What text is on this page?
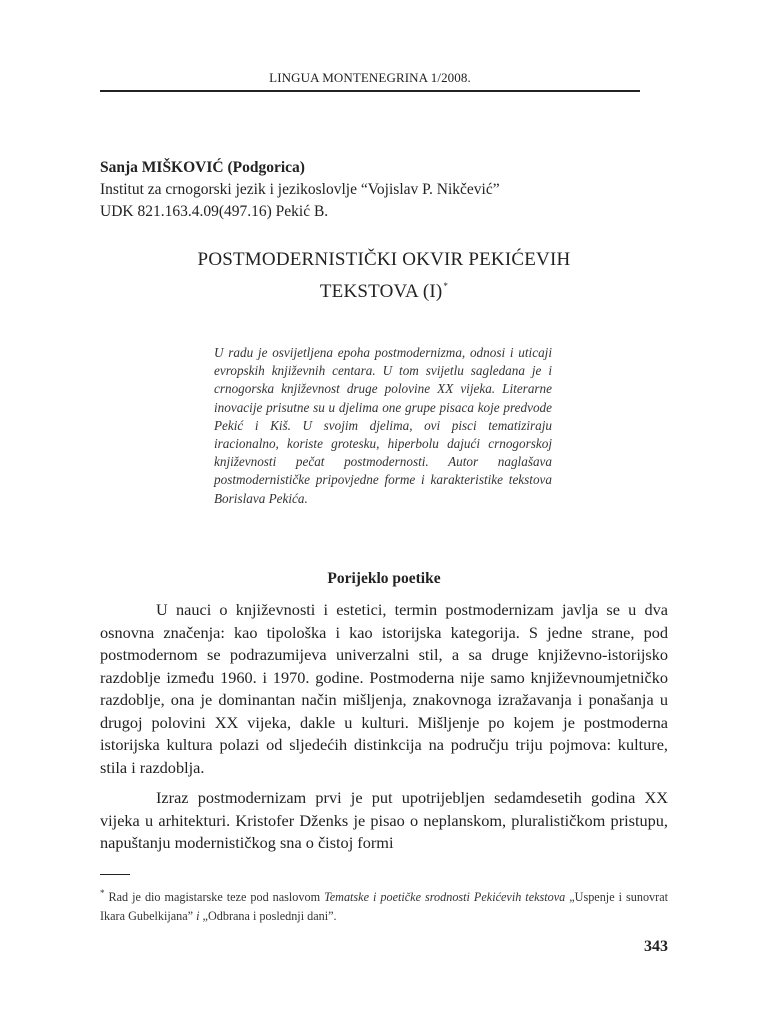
LINGUA MONTENEGRINA 1/2008.
Sanja MIŠKOVIĆ (Podgorica)
Institut za crnogorski jezik i jezikoslovlje “Vojislav P. Nikčević”
UDK 821.163.4.09(497.16) Pekić B.
POSTMODERNISTIČKI OKVIR PEKIĆEVIH
TEKSTOVA (I)*
U radu je osvijetljena epoha postmodernizma, odnosi i uticaji evropskih književnih centara. U tom svijetlu sagledana je i crnogorska književnost druge polovine XX vijeka. Literarne inovacije prisutne su u djelima one grupe pisaca koje predvode Pekić i Kiš. U svojim djelima, ovi pisci tematiziraju iracionalno, koriste grotesku, hiperbolu dajući crnogorskoj književnosti pečat postmodernosti. Autor naglašava postmodernističke pripovjedne forme i karakteristike tekstova Borislava Pekića.
Porijeklo poetike

U nauci o književnosti i estetici, termin postmodernizam javlja se u dva osnovna značenja: kao tipološka i kao istorijska kategorija. S jedne strane, pod postmodernom se podrazumijeva univerzalni stil, a sa druge književno-istorijsko razdoblje između 1960. i 1970. godine. Postmoderna nije samo književnoumjetničko razdoblje, ona je dominantan način mišljenja, znakovnoga izražavanja i ponašanja u drugoj polovini XX vijeka, dakle u kulturi. Mišljenje po kojem je postmoderna istorijska kultura polazi od sljedećih distinkcija na području triju pojmova: kulture, stila i razdoblja.

Izraz postmodernizam prvi je put upotrijebljen sedamdesetih godina XX vijeka u arhitekturi. Kristofer Dženks je pisao o neplanskom, pluralističkom pristupu, napuštanju modernističkog sna o čistoj formi

* Rad je dio magistarske teze pod naslovom Tematske i poetičke srodnosti Pekićevih tekstova „Uspenje i sunovrat Ikara Gubelkijana” i „Odbrana i poslednji dani”.
343
